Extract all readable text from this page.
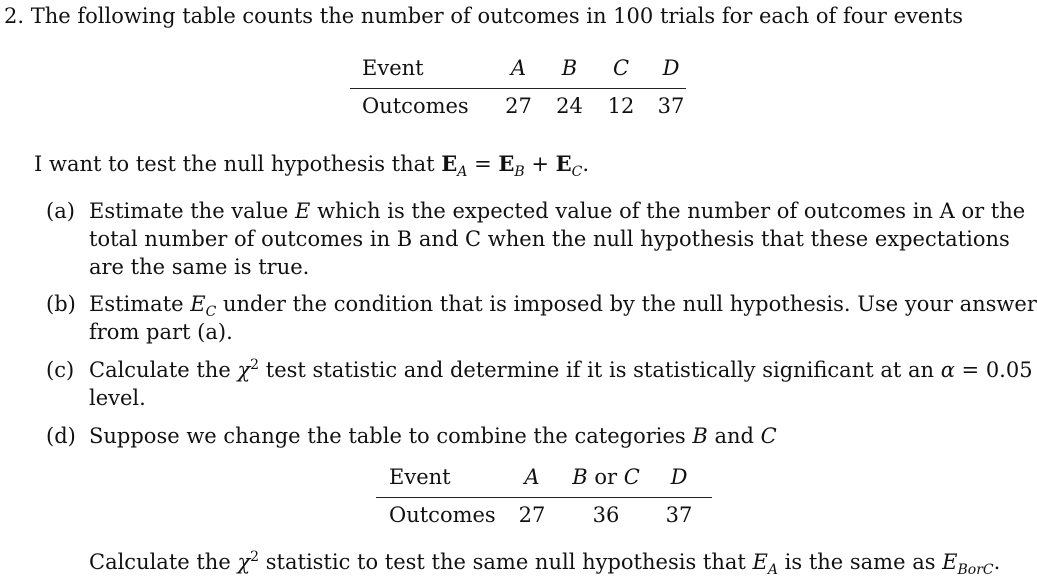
2. The following table counts the number of outcomes in 100 trials for each of four events
Event	A	B	C	D
Outcomes	27	24	12	37
I want to test the null hypothesis that $E_A = E_B + E_C$.
(a) Estimate the value E which is the expected value of the number of outcomes in A or the
total number of outcomes in B and C when the null hypothesis that these expectations
are the same is true.
(b) Estimate $E_C$ under the condition that is imposed by the null hypothesis. Use your answer
from part (a).
(c) Calculate the $\chi^2$ test statistic and determine if it is statistically significant at an α = 0.05
level.
(d) Suppose we change the table to combine the categories B and C
Event	A	B or C	D
Outcomes	27	36	37
Calculate the $\chi^2$ statistic to test the same null hypothesis that $E_A$ is the same as $E_{BorC}$.
